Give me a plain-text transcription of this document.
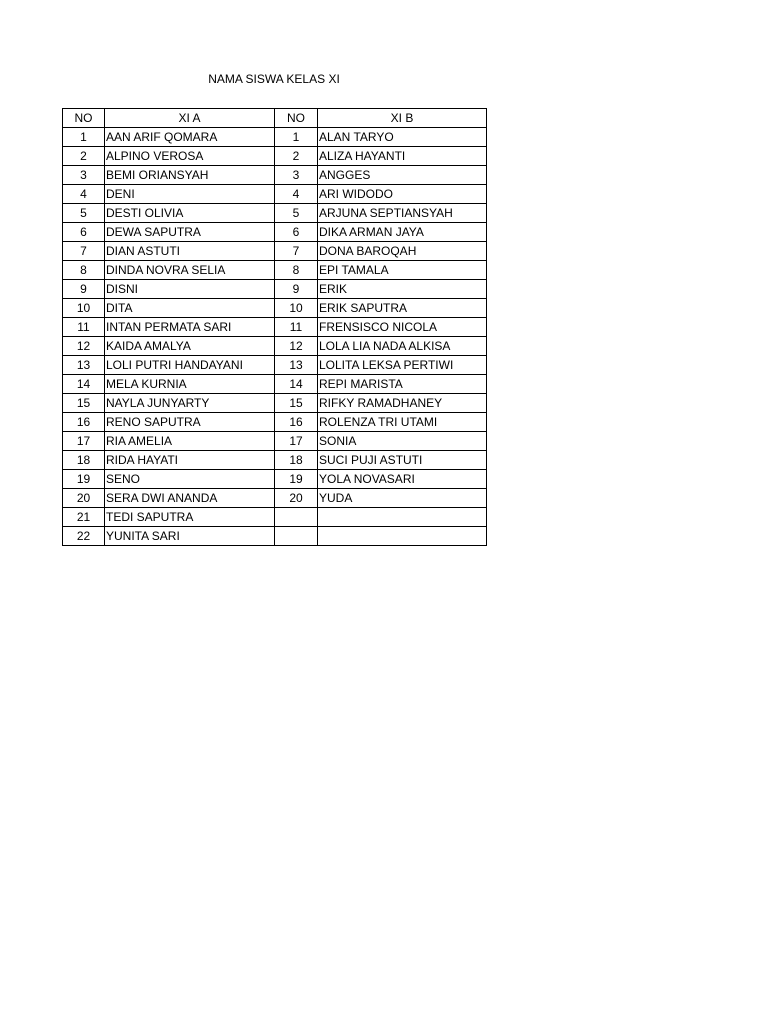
NAMA SISWA KELAS XI
NO	XI A	NO	XI B
1	AAN ARIF QOMARA	1	ALAN TARYO
2	ALPINO VEROSA	2	ALIZA HAYANTI
3	BEMI ORIANSYAH	3	ANGGES
4	DENI	4	ARI WIDODO
5	DESTI OLIVIA	5	ARJUNA SEPTIANSYAH
6	DEWA SAPUTRA	6	DIKA ARMAN JAYA
7	DIAN ASTUTI	7	DONA BAROQAH
8	DINDA NOVRA SELIA	8	EPI TAMALA
9	DISNI	9	ERIK
10	DITA	10	ERIK SAPUTRA
11	INTAN PERMATA SARI	11	FRENSISCO NICOLA
12	KAIDA AMALYA	12	LOLA LIA NADA ALKISA
13	LOLI PUTRI HANDAYANI	13	LOLITA LEKSA PERTIWI
14	MELA KURNIA	14	REPI MARISTA
15	NAYLA JUNYARTY	15	RIFKY RAMADHANEY
16	RENO SAPUTRA	16	ROLENZA TRI UTAMI
17	RIA AMELIA	17	SONIA
18	RIDA HAYATI	18	SUCI PUJI ASTUTI
19	SENO	19	YOLA NOVASARI
20	SERA DWI ANANDA	20	YUDA
21	TEDI SAPUTRA		
22	YUNITA SARI		
